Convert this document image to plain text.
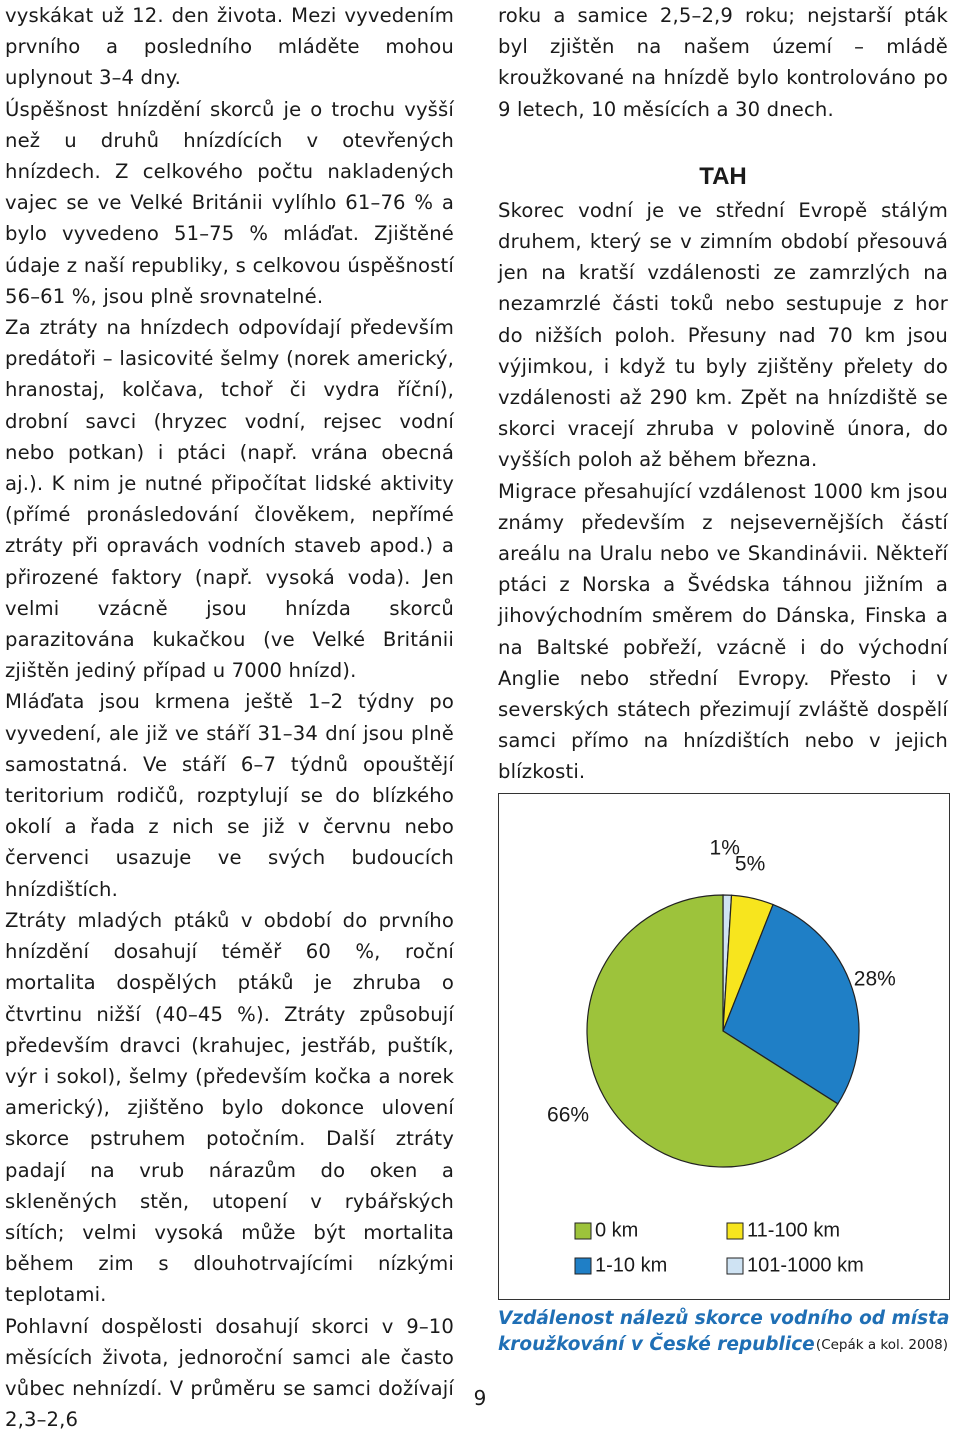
vyskákat už 12. den života. Mezi vyvedením prvního a posledního mláděte mohou uplynout 3–4 dny.

Úspěšnost hnízdění skorců je o trochu vyšší než u druhů hnízdících v otevřených hnízdech. Z celkového počtu nakladených vajec se ve Velké Británii vylíhlo 61–76 % a bylo vyvedeno 51–75 % mláďat. Zjištěné údaje z naší republiky, s celkovou úspěšností 56–61 %, jsou plně srovnatelné.

Za ztráty na hnízdech odpovídají především predátoři – lasicovité šelmy (norek americký, hranostaj, kolčava, tchoř či vydra říční), drobní savci (hryzec vodní, rejsec vodní nebo potkan) i ptáci (např. vrána obecná aj.). K nim je nutné připočítat lidské aktivity (přímé pronásledování člověkem, nepřímé ztráty při opravách vodních staveb apod.) a přirozené faktory (např. vysoká voda). Jen velmi vzácně jsou hnízda skorců parazitována kukačkou (ve Velké Británii zjištěn jediný případ u 7000 hnízd).

Mláďata jsou krmena ještě 1–2 týdny po vyvedení, ale již ve stáří 31–34 dní jsou plně samostatná. Ve stáří 6–7 týdnů opouštějí teritorium rodičů, rozptylují se do blízkého okolí a řada z nich se již v červnu nebo červenci usazuje ve svých budoucích hnízdištích.

Ztráty mladých ptáků v období do prvního hnízdění dosahují téměř 60 %, roční mortalita dospělých ptáků je zhruba o čtvrtinu nižší (40–45 %). Ztráty způsobují především dravci (krahujec, jestřáb, puštík, výr i sokol), šelmy (především kočka a norek americký), zjištěno bylo dokonce ulovení skorce pstruhem potočním. Další ztráty padají na vrub nárazům do oken a skleněných stěn, utopení v rybářských sítích; velmi vysoká může být mortalita během zim s dlouhotrvajícími nízkými teplotami.

Pohlavní dospělosti dosahují skorci v 9–10 měsících života, jednoroční samci ale často vůbec nehnízdí. V průměru se samci dožívají 2,3–2,6

roku a samice 2,5–2,9 roku; nejstarší pták byl zjištěn na našem území – mládě kroužkované na hnízdě bylo kontrolováno po 9 letech, 10 měsících a 30 dnech.

TAH

Skorec vodní je ve střední Evropě stálým druhem, který se v zimním období přesouvá jen na kratší vzdálenosti ze zamrzlých na nezamrzlé části toků nebo sestupuje z hor do nižších poloh. Přesuny nad 70 km jsou výjimkou, i když tu byly zjištěny přelety do vzdálenosti až 290 km. Zpět na hnízdiště se skorci vracejí zhruba v polovině února, do vyšších poloh až během března.

Migrace přesahující vzdálenost 1000 km jsou známy především z nejsevernějších částí areálu na Uralu nebo ve Skandinávii. Někteří ptáci z Norska a Švédska táhnou jižním a jihovýchodním směrem do Dánska, Finska a na Baltské pobřeží, vzácně i do východní Anglie nebo střední Evropy. Přesto i v severských státech přezimují zvláště dospělí samci přímo na hnízdištích nebo v jejich blízkosti.

1%
5%
28%
66%
0 km	11-100 km
1-10 km	101-1000 km
Vzdálenost nálezů skorce vodního od místa
kroužkování v České republice (Cepák a kol. 2008)
9
